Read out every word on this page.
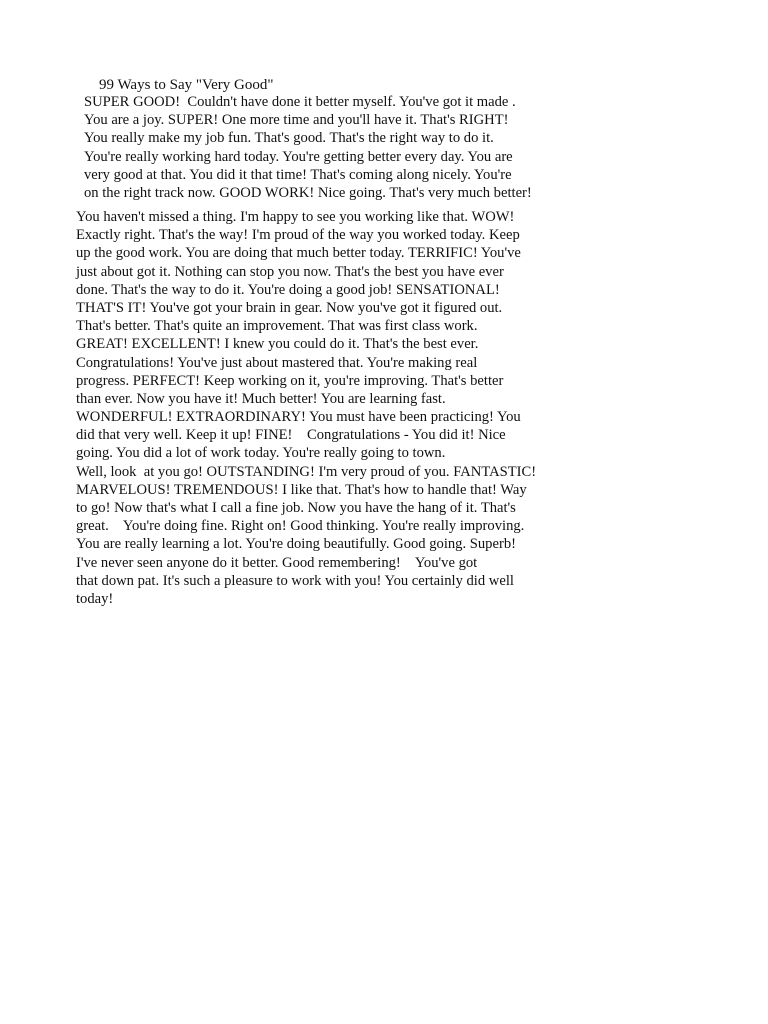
99 Ways to Say "Very Good"
SUPER GOOD!  Couldn't have done it better myself. You've got it made .
You are a joy. SUPER! One more time and you'll have it. That's RIGHT!
You really make my job fun. That's good. That's the right way to do it.
You're really working hard today. You're getting better every day. You are
very good at that. You did it that time! That's coming along nicely. You're
on the right track now. GOOD WORK! Nice going. That's very much better!
You haven't missed a thing. I'm happy to see you working like that. WOW!
Exactly right. That's the way! I'm proud of the way you worked today. Keep
up the good work. You are doing that much better today. TERRIFIC! You've
just about got it. Nothing can stop you now. That's the best you have ever
done. That's the way to do it. You're doing a good job! SENSATIONAL!
THAT'S IT! You've got your brain in gear. Now you've got it figured out.
That's better. That's quite an improvement. That was first class work.
GREAT! EXCELLENT! I knew you could do it. That's the best ever.
Congratulations! You've just about mastered that. You're making real
progress. PERFECT! Keep working on it, you're improving. That's better
than ever. Now you have it! Much better! You are learning fast.
WONDERFUL! EXTRAORDINARY! You must have been practicing! You
did that very well. Keep it up! FINE!    Congratulations - You did it! Nice
going. You did a lot of work today. You're really going to town.
Well, look  at you go! OUTSTANDING! I'm very proud of you. FANTASTIC!
MARVELOUS! TREMENDOUS! I like that. That's how to handle that! Way
to go! Now that's what I call a fine job. Now you have the hang of it. That's
great.    You're doing fine. Right on! Good thinking. You're really improving.
You are really learning a lot. You're doing beautifully. Good going. Superb!
I've never seen anyone do it better. Good remembering!    You've got
that down pat. It's such a pleasure to work with you! You certainly did well
today!
